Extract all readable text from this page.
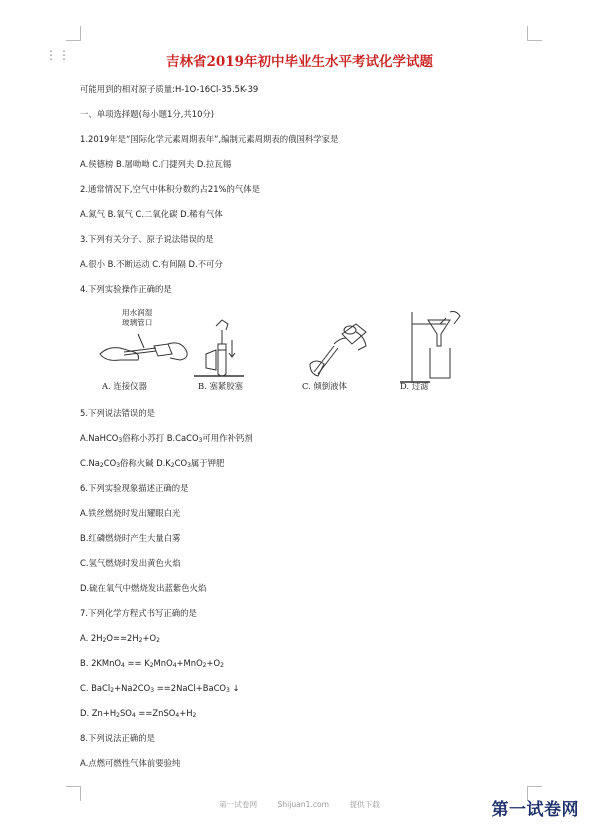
⋮⋮	吉林省2019年初中毕业生水平考试化学试题
可能用到的相对原子质量:H-1O-16Cl-35.5K-39
一、单项选择题(每小题1分,共10分)
1.2019年是“国际化学元素周期表年”,编制元素周期表的俄国科学家是
A.侯德榜 B.屠呦呦 C.门捷列夫 D.拉瓦锡
2.通常情况下,空气中体积分数约占21%的气体是
A.氮气 B.氧气 C.二氧化碳 D.稀有气体
3.下列有关分子、原子说法错误的是
A.很小 B.不断运动 C.有间隔 D.不可分
4.下列实验操作正确的是
用水润湿
玻璃管口
A. 连接仪器	B. 塞紧胶塞	C. 倾倒液体	D. 过滤
5.下列说法错误的是
A.NaHCO$_3$俗称小苏打 B.CaCO$_3$可用作补钙剂
$C.Na_2CO_3$俗称火碱 $D.K_2CO_3$属于钾肥
6.下列实验现象描述正确的是
A.铁丝燃烧时发出耀眼白光
B.红磷燃烧时产生大量白雾
C.氢气燃烧时发出黄色火焰
D.硫在氧气中燃烧发出蓝紫色火焰
7.下列化学方程式书写正确的是
A. $2H_2O==2H_2+O_2$
B. 2KMnO$_4$ == $K_2MnO_4+MnO_2+O_2$
C. $BaCl_2+Na2CO_3$ ==2NaCl+BaCO$_3$ ↓
D. $Zn+H_2SO_4$ $==ZnSO_4+H_2$
8.下列说法正确的是
A.点燃可燃性气体前要验纯
第一试卷网	Shijuan1.com	提供下载	第一试卷网
